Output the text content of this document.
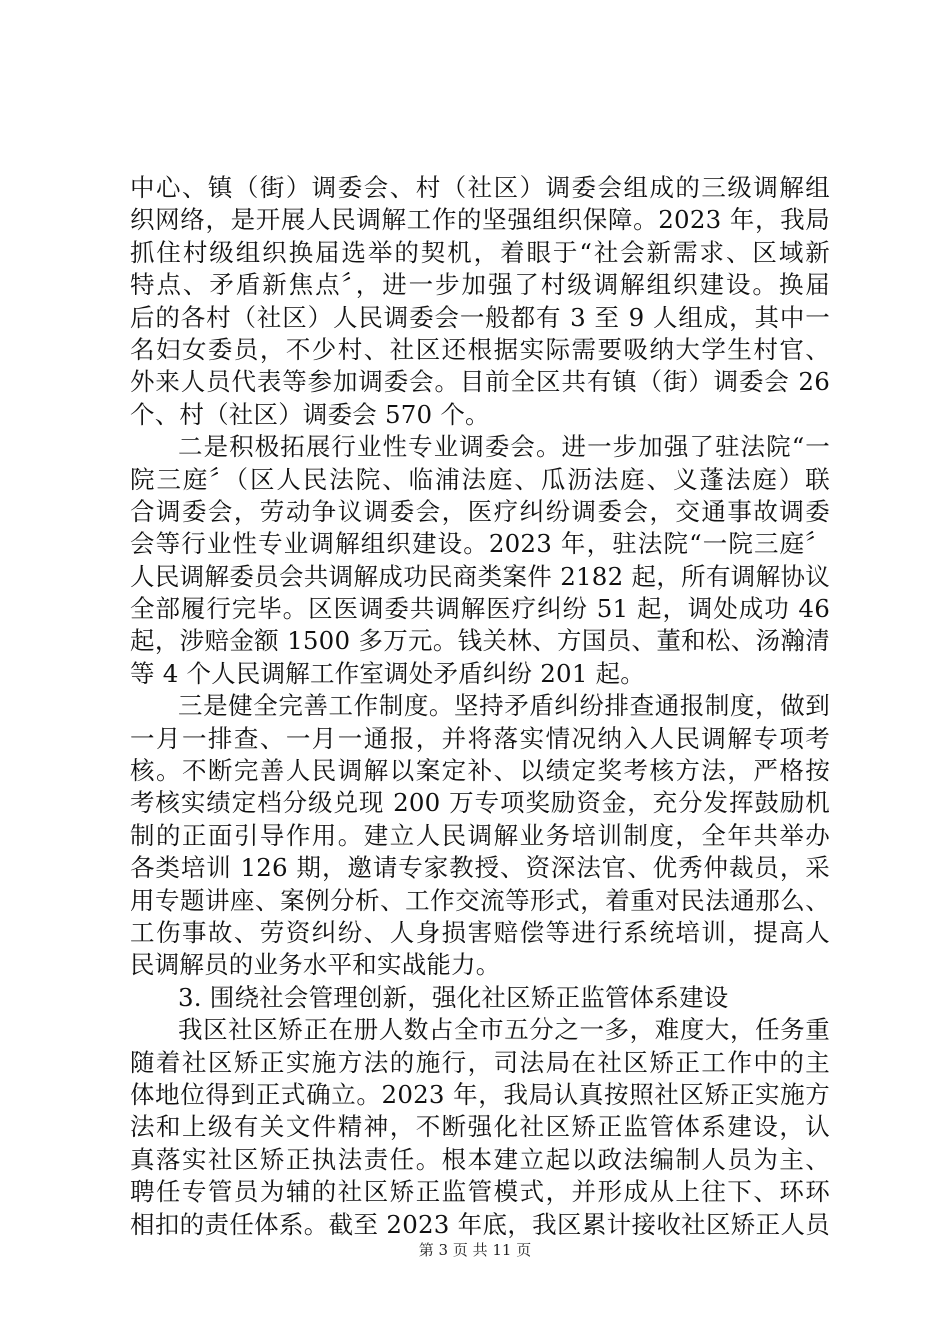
中心、镇（街）调委会、村（社区）调委会组成的三级调解组
织网络，是开展人民调解工作的坚强组织保障。2023 年，我局
抓住村级组织换届选举的契机，着眼于“社会新需求、区域新
特点、矛盾新焦点〞，进一步加强了村级调解组织建设。换届
后的各村（社区）人民调委会一般都有 3 至 9 人组成，其中一
名妇女委员，不少村、社区还根据实际需要吸纳大学生村官、
外来人员代表等参加调委会。目前全区共有镇（街）调委会 26
个、村（社区）调委会 570 个。
二是积极拓展行业性专业调委会。进一步加强了驻法院“一
院三庭〞（区人民法院、临浦法庭、瓜沥法庭、义蓬法庭）联
合调委会，劳动争议调委会，医疗纠纷调委会，交通事故调委
会等行业性专业调解组织建设。2023 年，驻法院“一院三庭〞
人民调解委员会共调解成功民商类案件 2182 起，所有调解协议
全部履行完毕。区医调委共调解医疗纠纷 51 起，调处成功 46
起，涉赔金额 1500 多万元。钱关林、方国员、董和松、汤瀚清
等 4 个人民调解工作室调处矛盾纠纷 201 起。
三是健全完善工作制度。坚持矛盾纠纷排查通报制度，做到
一月一排查、一月一通报，并将落实情况纳入人民调解专项考
核。不断完善人民调解以案定补、以绩定奖考核方法，严格按
考核实绩定档分级兑现 200 万专项奖励资金，充分发挥鼓励机
制的正面引导作用。建立人民调解业务培训制度，全年共举办
各类培训 126 期，邀请专家教授、资深法官、优秀仲裁员，采
用专题讲座、案例分析、工作交流等形式，着重对民法通那么、
工伤事故、劳资纠纷、人身损害赔偿等进行系统培训，提高人
民调解员的业务水平和实战能力。
3. 围绕社会管理创新，强化社区矫正监管体系建设
我区社区矫正在册人数占全市五分之一多，难度大，任务重
随着社区矫正实施方法的施行，司法局在社区矫正工作中的主
体地位得到正式确立。2023 年，我局认真按照社区矫正实施方
法和上级有关文件精神，不断强化社区矫正监管体系建设，认
真落实社区矫正执法责任。根本建立起以政法编制人员为主、
聘任专管员为辅的社区矫正监管模式，并形成从上往下、环环
相扣的责任体系。截至 2023 年底，我区累计接收社区矫正人员
第 3 页 共 11 页
